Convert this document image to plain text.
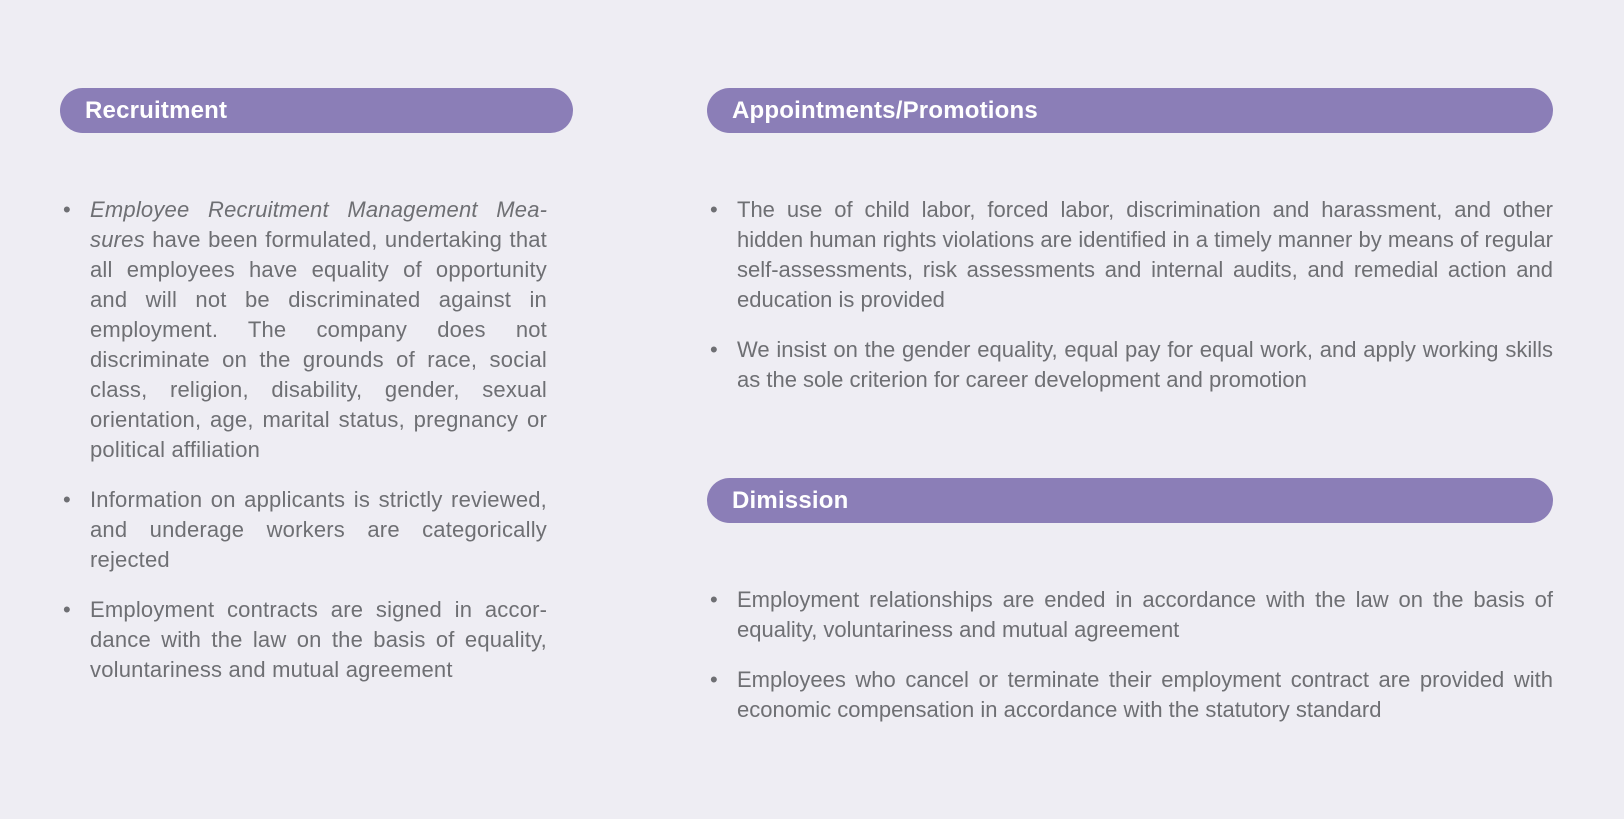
Recruitment
• Employee Recruitment Management Measures have been formulated, undertaking that all employees have equality of opportunity and will not be discriminated against in employment. The company does not discriminate on the grounds of race, social class, religion, disability, gender, sexual orientation, age, marital status, pregnancy or political affiliation
• Information on applicants is strictly reviewed, and underage workers are categorically rejected
• Employment contracts are signed in accordance with the law on the basis of equality, voluntariness and mutual agreement
Appointments/Promotions
• The use of child labor, forced labor, discrimination and harassment, and other hidden human rights violations are identified in a timely manner by means of regular self-assessments, risk assessments and internal audits, and remedial action and education is provided
• We insist on the gender equality, equal pay for equal work, and apply working skills as the sole criterion for career development and promotion
Dimission
• Employment relationships are ended in accordance with the law on the basis of equality, voluntariness and mutual agreement
• Employees who cancel or terminate their employment contract are provided with economic compensation in accordance with the statutory standard
